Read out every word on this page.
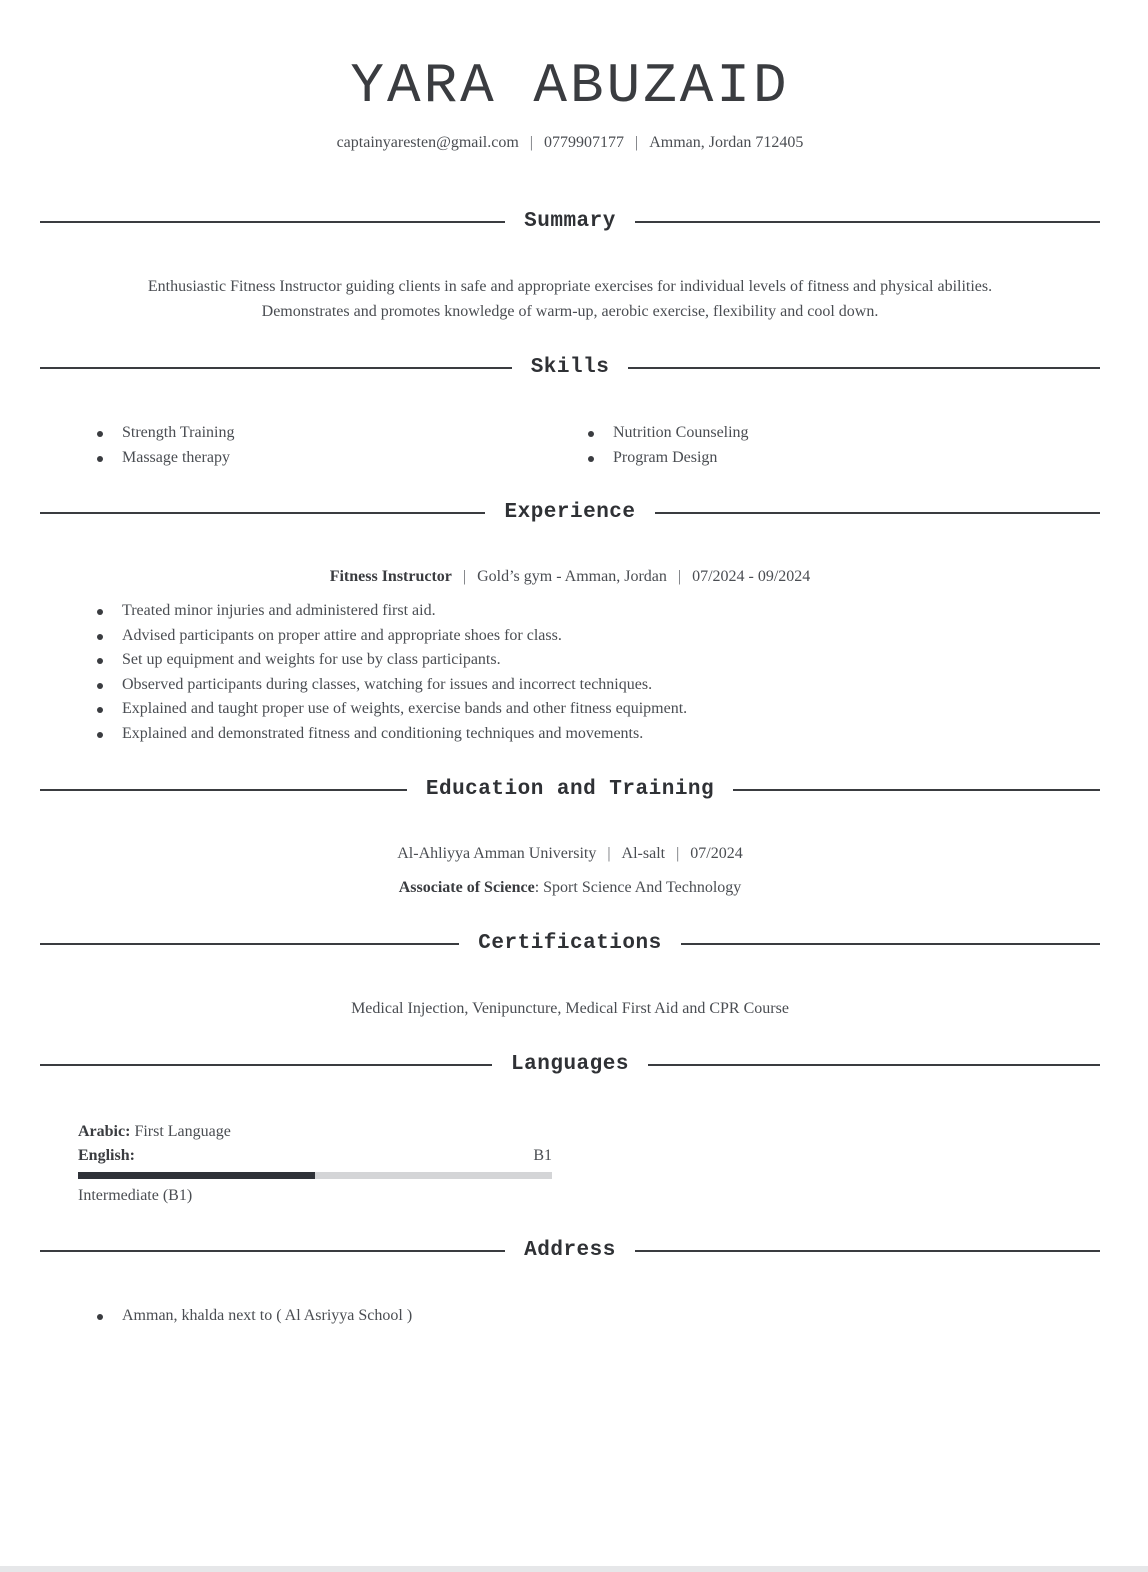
YARA ABUZAID
captainyaresten@gmail.com | 0779907177 | Amman, Jordan 712405
Summary
Enthusiastic Fitness Instructor guiding clients in safe and appropriate exercises for individual levels of fitness and physical abilities.
Demonstrates and promotes knowledge of warm-up, aerobic exercise, flexibility and cool down.
Skills
Strength Training
Massage therapy
Nutrition Counseling
Program Design
Experience
Fitness Instructor | Gold’s gym - Amman, Jordan | 07/2024 - 09/2024
Treated minor injuries and administered first aid.
Advised participants on proper attire and appropriate shoes for class.
Set up equipment and weights for use by class participants.
Observed participants during classes, watching for issues and incorrect techniques.
Explained and taught proper use of weights, exercise bands and other fitness equipment.
Explained and demonstrated fitness and conditioning techniques and movements.
Education and Training
Al-Ahliyya Amman University | Al-salt | 07/2024
Associate of Science: Sport Science And Technology
Certifications
Medical Injection, Venipuncture, Medical First Aid and CPR Course
Languages
Arabic: First Language
English:	B1
Intermediate (B1)
Address
Amman, khalda next to ( Al Asriyya School )
